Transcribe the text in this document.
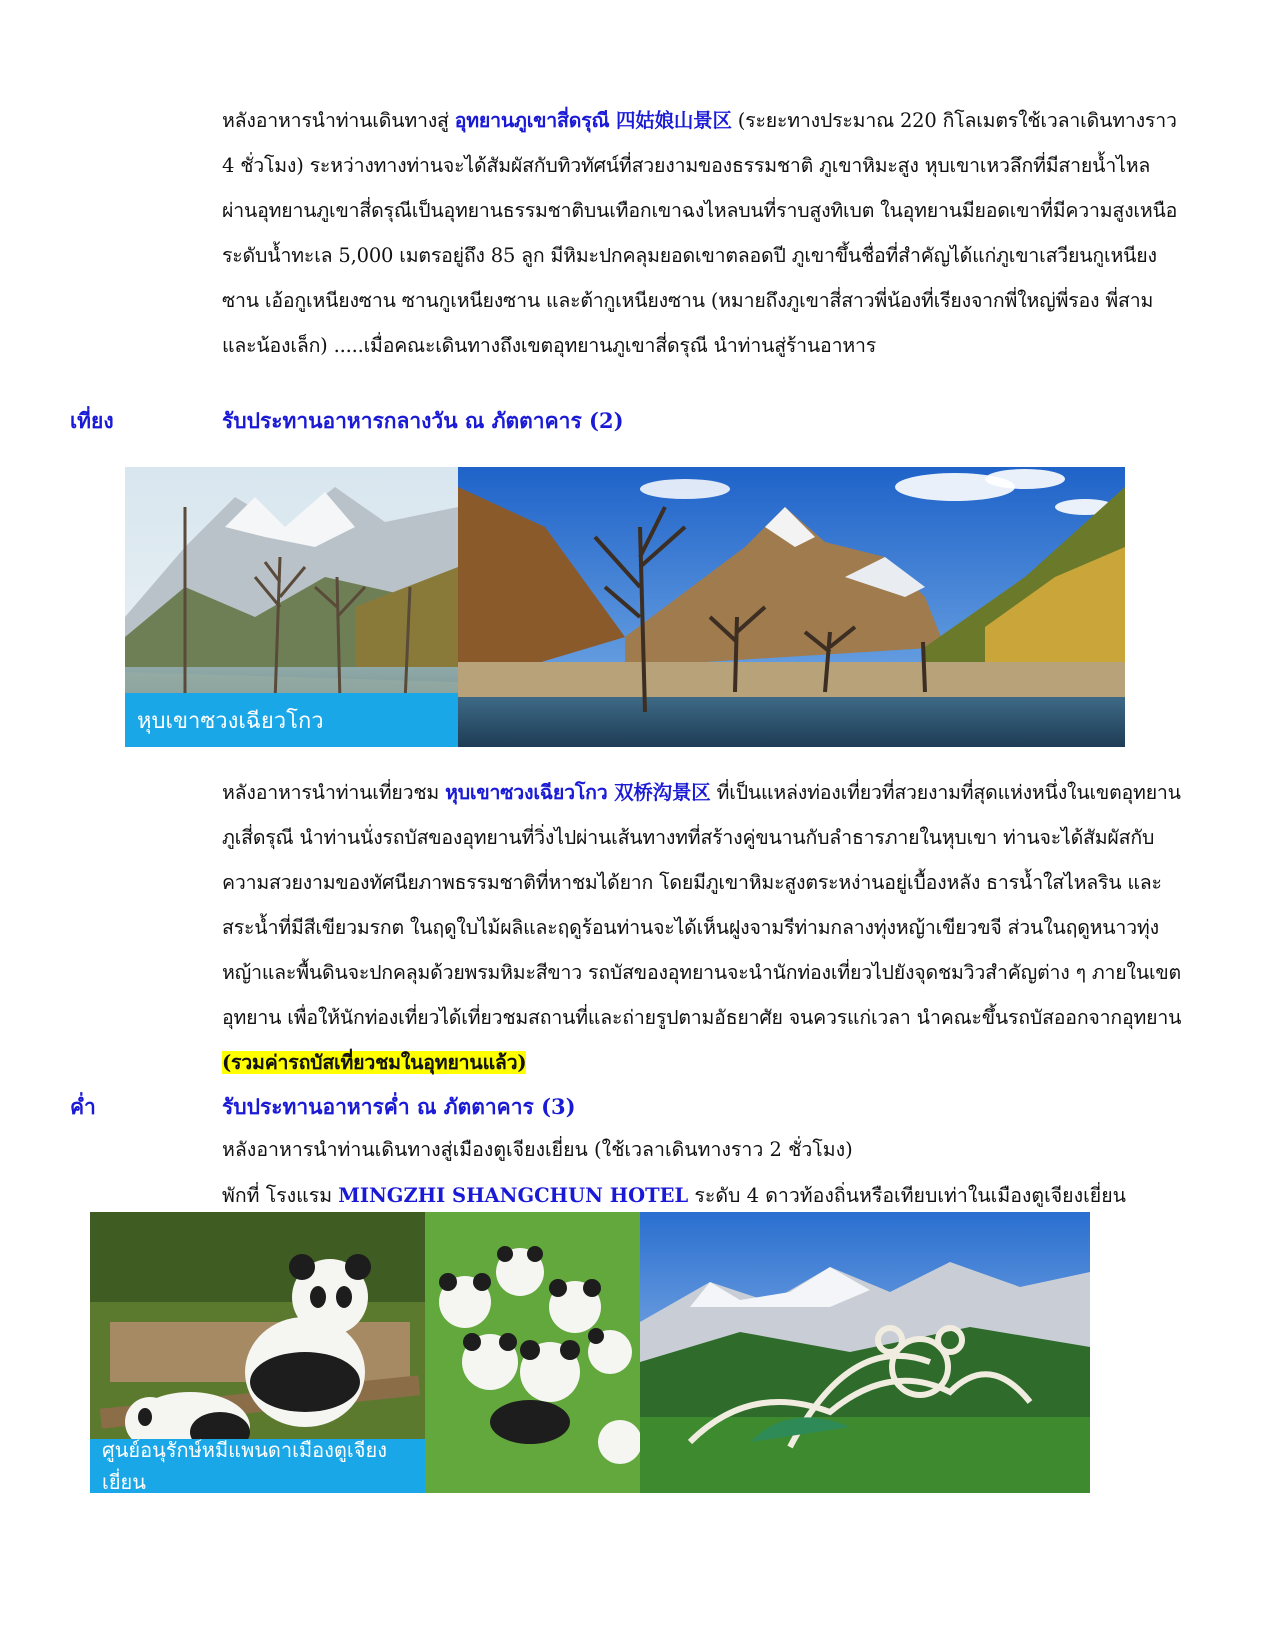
หลังอาหารนำท่านเดินทางสู่ อุทยานภูเขาสี่ดรุณี 四姑娘山景区 (ระยะทางประมาณ 220 กิโลเมตรใช้เวลาเดินทางราว 4 ชั่วโมง) ระหว่างทางท่านจะได้สัมผัสกับทิวทัศน์ที่สวยงามของธรรมชาติ ภูเขาหิมะสูง หุบเขาเหวลึกที่มีสายน้ำไหลผ่านอุทยานภูเขาสี่ดรุณีเป็นอุทยานธรรมชาติบนเทือกเขาฉงไหลบนที่ราบสูงทิเบต ในอุทยานมียอดเขาที่มีความสูงเหนือระดับน้ำทะเล 5,000 เมตรอยู่ถึง 85 ลูก มีหิมะปกคลุมยอดเขาตลอดปี ภูเขาขึ้นชื่อที่สำคัญได้แก่ภูเขาเสวียนกูเหนียงซาน เอ้อกูเหนียงซาน ซานกูเหนียงซาน และต้ากูเหนียงซาน (หมายถึงภูเขาสี่สาวพี่น้องที่เรียงจากพี่ใหญ่พี่รอง พี่สาม และน้องเล็ก) .....เมื่อคณะเดินทางถึงเขตอุทยานภูเขาสี่ดรุณี นำท่านสู่ร้านอาหาร
เที่ยง	รับประทานอาหารกลางวัน ณ ภัตตาคาร (2)
หุบเขาซวงเฉียวโกว
หลังอาหารนำท่านเที่ยวชม หุบเขาซวงเฉียวโกว 双桥沟景区 ที่เป็นแหล่งท่องเที่ยวที่สวยงามที่สุดแห่งหนึ่งในเขตอุทยานภูเสี่ดรุณี นำท่านนั่งรถบัสของอุทยานที่วิ่งไปผ่านเส้นทางทที่สร้างคู่ขนานกับลำธารภายในหุบเขา ท่านจะได้สัมผัสกับความสวยงามของทัศนียภาพธรรมชาติที่หาชมได้ยาก โดยมีภูเขาหิมะสูงตระหง่านอยู่เบื้องหลัง ธารน้ำใสไหลริน และสระน้ำที่มีสีเขียวมรกต ในฤดูใบไม้ผลิและฤดูร้อนท่านจะได้เห็นฝูงจามรีท่ามกลางทุ่งหญ้าเขียวขจี ส่วนในฤดูหนาวทุ่งหญ้าและพื้นดินจะปกคลุมด้วยพรมหิมะสีขาว รถบัสของอุทยานจะนำนักท่องเที่ยวไปยังจุดชมวิวสำคัญต่าง ๆ ภายในเขตอุทยาน เพื่อให้นักท่องเที่ยวได้เที่ยวชมสถานที่และถ่ายรูปตามอัธยาศัย จนควรแก่เวลา นำคณะขึ้นรถบัสออกจากอุทยาน (รวมค่ารถบัสเที่ยวชมในอุทยานแล้ว)
ค่ำ	รับประทานอาหารค่ำ ณ ภัตตาคาร (3)
หลังอาหารนำท่านเดินทางสู่เมืองตูเจียงเยี่ยน (ใช้เวลาเดินทางราว 2 ชั่วโมง)
พักที่ โรงแรม MINGZHI SHANGCHUN HOTEL ระดับ 4 ดาวท้องถิ่นหรือเทียบเท่าในเมืองตูเจียงเยี่ยน
ศูนย์อนุรักษ์หมีแพนดาเมืองตูเจียงเยี่ยน
